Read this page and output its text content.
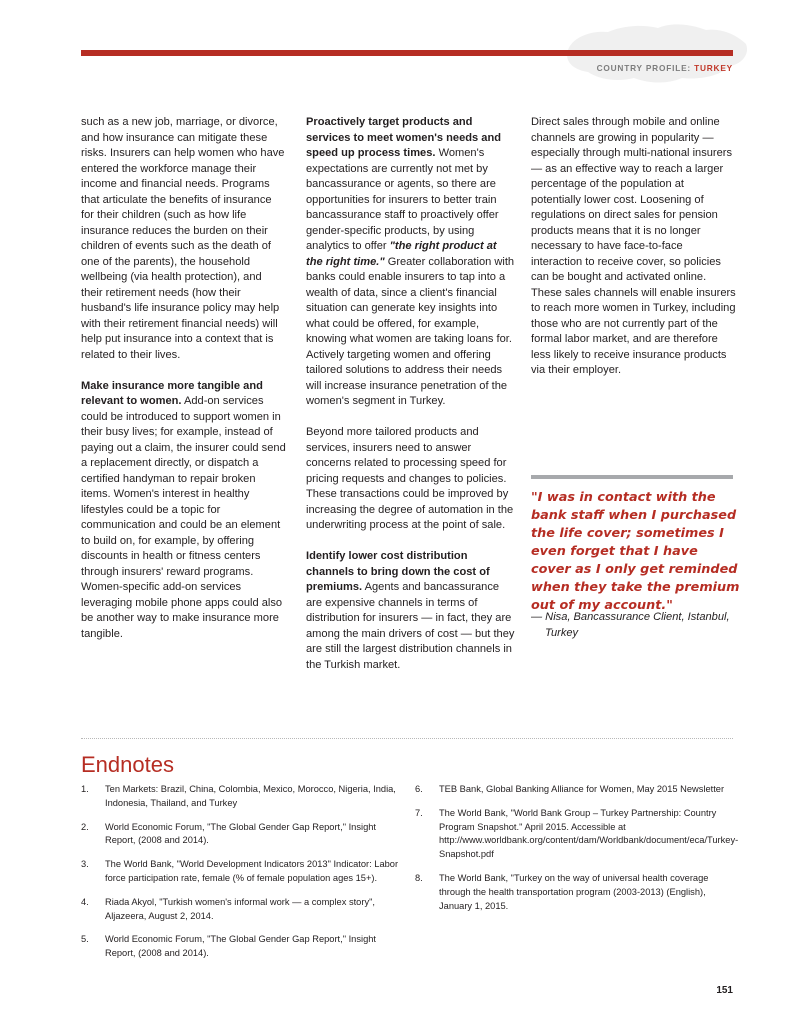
COUNTRY PROFILE: TURKEY

such as a new job, marriage, or divorce, and how insurance can mitigate these risks. Insurers can help women who have entered the workforce manage their income and financial needs. Programs that articulate the benefits of insurance for their children (such as how life insurance reduces the burden on their children of events such as the death of one of the parents), the household wellbeing (via health protection), and their retirement needs (how their husband's life insurance policy may help with their retirement financial needs) will help put insurance into a context that is related to their lives.

Make insurance more tangible and relevant to women. Add-on services could be introduced to support women in their busy lives; for example, instead of paying out a claim, the insurer could send a replacement directly, or dispatch a certified handyman to repair broken items. Women's interest in healthy lifestyles could be a topic for communication and could be an element to build on, for example, by offering discounts in health or fitness centers through insurers' reward programs. Women-specific add-on services leveraging mobile phone apps could also be another way to make insurance more tangible.

Proactively target products and services to meet women's needs and speed up process times. Women's expectations are currently not met by bancassurance or agents, so there are opportunities for insurers to better train bancassurance staff to proactively offer gender-specific products, by using analytics to offer "the right product at the right time." Greater collaboration with banks could enable insurers to tap into a wealth of data, since a client's financial situation can generate key insights into what could be offered, for example, knowing what women are taking loans for. Actively targeting women and offering tailored solutions to address their needs will increase insurance penetration of the women's segment in Turkey.

Beyond more tailored products and services, insurers need to answer concerns related to processing speed for pricing requests and changes to policies. These transactions could be improved by increasing the degree of automation in the underwriting process at the point of sale.

Identify lower cost distribution channels to bring down the cost of premiums. Agents and bancassurance are expensive channels in terms of distribution for insurers — in fact, they are among the main drivers of cost — but they are still the largest distribution channels in the Turkish market.

Direct sales through mobile and online channels are growing in popularity — especially through multi-national insurers — as an effective way to reach a larger percentage of the population at potentially lower cost. Loosening of regulations on direct sales for pension products means that it is no longer necessary to have face-to-face interaction to receive cover, so policies can be bought and activated online. These sales channels will enable insurers to reach more women in Turkey, including those who are not currently part of the formal labor market, and are therefore less likely to receive insurance products via their employer.

"I was in contact with the bank staff when I purchased the life cover; sometimes I even forget that I have cover as I only get reminded when they take the premium out of my account."

— Nisa, Bancassurance Client, Istanbul, Turkey
Endnotes
1. Ten Markets: Brazil, China, Colombia, Mexico, Morocco, Nigeria, India, Indonesia, Thailand, and Turkey
2. World Economic Forum, "The Global Gender Gap Report," Insight Report, (2008 and 2014).
3. The World Bank, "World Development Indicators 2013" Indicator: Labor force participation rate, female (% of female population ages 15+).
4. Riada Akyol, "Turkish women's informal work — a complex story", Aljazeera, August 2, 2014.
5. World Economic Forum, "The Global Gender Gap Report," Insight Report, (2008 and 2014).
6. TEB Bank, Global Banking Alliance for Women, May 2015 Newsletter
7. The World Bank, "World Bank Group – Turkey Partnership: Country Program Snapshot." April 2015. Accessible at http://www.worldbank.org/content/dam/Worldbank/document/eca/Turkey-Snapshot.pdf
8. The World Bank, "Turkey on the way of universal health coverage through the health transportation program (2003-2013) (English), January 1, 2015.
151
